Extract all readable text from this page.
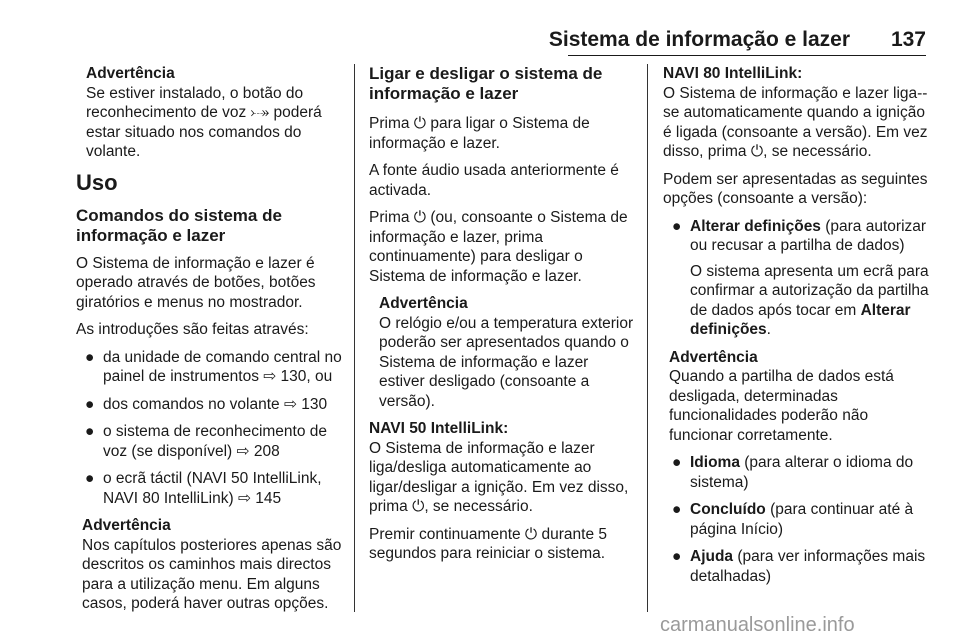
Sistema de informação e lazer	137
Advertência
Se estiver instalado, o botão do reconhecimento de voz ⤐ poderá estar situado nos comandos do volante.
Uso
Comandos do sistema de informação e lazer

O Sistema de informação e lazer é operado através de botões, botões giratórios e menus no mostrador.

As introduções são feitas através:

● da unidade de comando central no painel de instrumentos ⇨ 130, ou
● dos comandos no volante ⇨ 130
● o sistema de reconhecimento de voz (se disponível) ⇨ 208
● o ecrã táctil (NAVI 50 IntelliLink, NAVI 80 IntelliLink) ⇨ 145
Advertência
Nos capítulos posteriores apenas são descritos os caminhos mais directos para a utilização menu. Em alguns casos, poderá haver outras opções.
Ligar e desligar o sistema de informação e lazer

Prima ⏻ para ligar o Sistema de informação e lazer.

A fonte áudio usada anteriormente é activada.

Prima ⏻ (ou, consoante o Sistema de informação e lazer, prima continuamente) para desligar o Sistema de informação e lazer.

Advertência
O relógio e/ou a temperatura exterior poderão ser apresentados quando o Sistema de informação e lazer estiver desligado (consoante a versão).

NAVI 50 IntelliLink:
O Sistema de informação e lazer liga/desliga automaticamente ao ligar/desligar a ignição. Em vez disso, prima ⏻, se necessário.

Premir continuamente ⏻ durante 5 segundos para reiniciar o sistema.

NAVI 80 IntelliLink:
O Sistema de informação e lazer liga--se automaticamente quando a ignição é ligada (consoante a versão). Em vez disso, prima ⏻, se necessário.

Podem ser apresentadas as seguintes opções (consoante a versão):

● Alterar definições (para autorizar ou recusar a partilha de dados)
O sistema apresenta um ecrã para confirmar a autorização da partilha de dados após tocar em Alterar definições.
Advertência
Quando a partilha de dados está desligada, determinadas funcionalidades poderão não funcionar corretamente.
● Idioma (para alterar o idioma do sistema)
● Concluído (para continuar até à página Início)
● Ajuda (para ver informações mais detalhadas)
carmanualsonline.info
